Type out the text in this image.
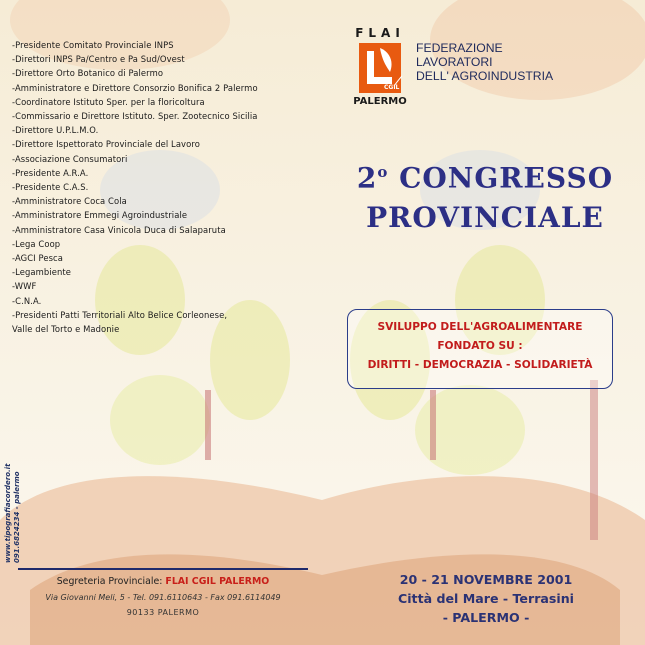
-Presidente Comitato Provinciale INPS
-Direttori INPS Pa/Centro e Pa Sud/Ovest
-Direttore Orto Botanico di Palermo
-Amministratore e Direttore Consorzio Bonifica 2 Palermo
-Coordinatore Istituto Sper. per la floricoltura
-Commissario e Direttore Istituto. Sper. Zootecnico Sicilia
-Direttore U.P.L.M.O.
-Direttore Ispettorato Provinciale del Lavoro
-Associazione Consumatori
-Presidente A.R.A.
-Presidente C.A.S.
-Amministratore Coca Cola
-Amministratore Emmegi Agroindustriale
-Amministratore Casa Vinicola Duca di Salaparuta
-Lega Coop
-AGCI Pesca
-Legambiente
-WWF
-C.N.A.
-Presidenti Patti Territoriali Alto Belice Corleonese,
Valle del Torto e Madonie
www.tipografiacordero.it 091.6824234 - palermo
Segreteria Provinciale: FLAI CGIL PALERMO
Via Giovanni Meli, 5 - Tel. 091.6110643 - Fax 091.6114049
90133 PALERMO
FLAI
CGIL
PALERMO
FEDERAZIONE
LAVORATORI
DELL' AGROINDUSTRIA
2$^o$ CONGRESSO
PROVINCIALE
SVILUPPO DELL'AGROALIMENTARE
FONDATO SU :
DIRITTI - DEMOCRAZIA - SOLIDARIETÀ
20 - 21 NOVEMBRE 2001
Città del Mare - Terrasini
- PALERMO -
